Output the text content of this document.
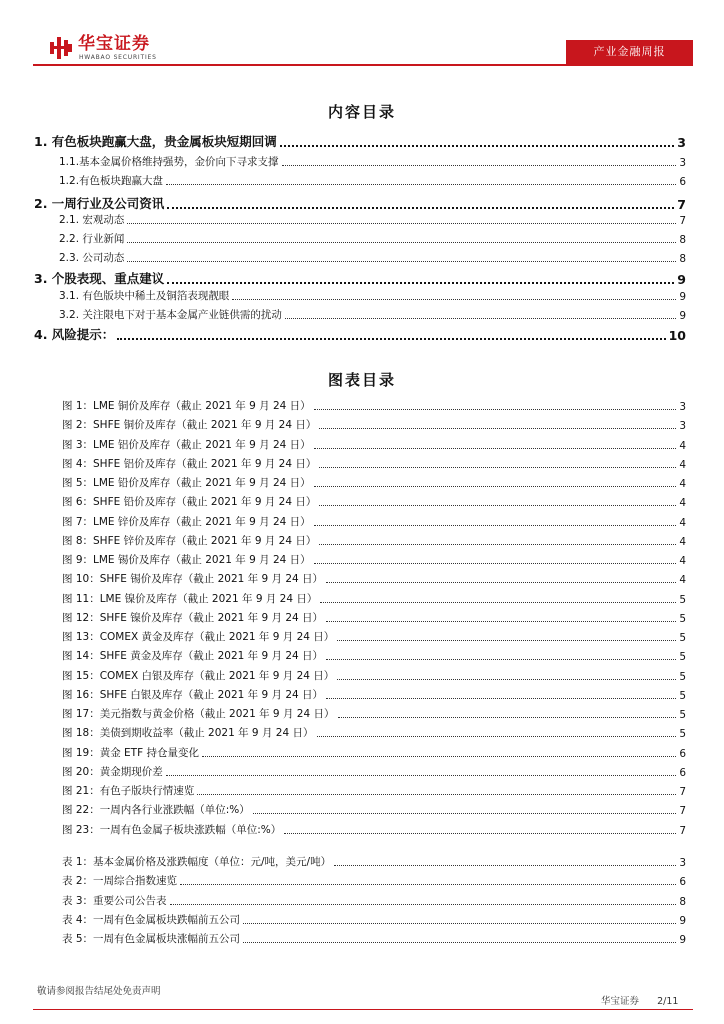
华宝证券
HWABAO SECURITIES	产业金融周报
内容目录
1. 有色板块跑赢大盘，贵金属板块短期回调	3
1.1.基本金属价格维持强势，金价向下寻求支撑	3
1.2.有色板块跑赢大盘	6
2. 一周行业及公司资讯	7
2.1. 宏观动态	7
2.2. 行业新闻	8
2.3. 公司动态	8
3. 个股表现、重点建议	9
3.1. 有色版块中稀土及铜箔表现靓眼	9
3.2. 关注限电下对于基本金属产业链供需的扰动	9
4. 风险提示：	10
图表目录
图 1：LME 铜价及库存（截止 2021 年 9 月 24 日）	3
图 2：SHFE 铜价及库存（截止 2021 年 9 月 24 日）	3
图 3：LME 铝价及库存（截止 2021 年 9 月 24 日）	4
图 4：SHFE 铝价及库存（截止 2021 年 9 月 24 日）	4
图 5：LME 铅价及库存（截止 2021 年 9 月 24 日）	4
图 6：SHFE 铅价及库存（截止 2021 年 9 月 24 日）	4
图 7：LME 锌价及库存（截止 2021 年 9 月 24 日）	4
图 8：SHFE 锌价及库存（截止 2021 年 9 月 24 日）	4
图 9：LME 锡价及库存（截止 2021 年 9 月 24 日）	4
图 10：SHFE 锡价及库存（截止 2021 年 9 月 24 日）	4
图 11：LME 镍价及库存（截止 2021 年 9 月 24 日）	5
图 12：SHFE 镍价及库存（截止 2021 年 9 月 24 日）	5
图 13：COMEX 黄金及库存（截止 2021 年 9 月 24 日）	5
图 14：SHFE 黄金及库存（截止 2021 年 9 月 24 日）	5
图 15：COMEX 白银及库存（截止 2021 年 9 月 24 日）	5
图 16：SHFE 白银及库存（截止 2021 年 9 月 24 日）	5
图 17：美元指数与黄金价格（截止 2021 年 9 月 24 日）	5
图 18：美债到期收益率（截止 2021 年 9 月 24 日）	5
图 19：黄金 ETF 持仓量变化	6
图 20：黄金期现价差	6
图 21：有色子版块行情速览	7
图 22：一周内各行业涨跌幅（单位:%）	7
图 23：一周有色金属子板块涨跌幅（单位:%）	7
表 1：基本金属价格及涨跌幅度（单位：元/吨，美元/吨）	3
表 2：一周综合指数速览	6
表 3：重要公司公告表	8
表 4：一周有色金属板块跌幅前五公司	9
表 5：一周有色金属板块涨幅前五公司	9
敬请参阅报告结尾处免责声明
华宝证券 2/11
